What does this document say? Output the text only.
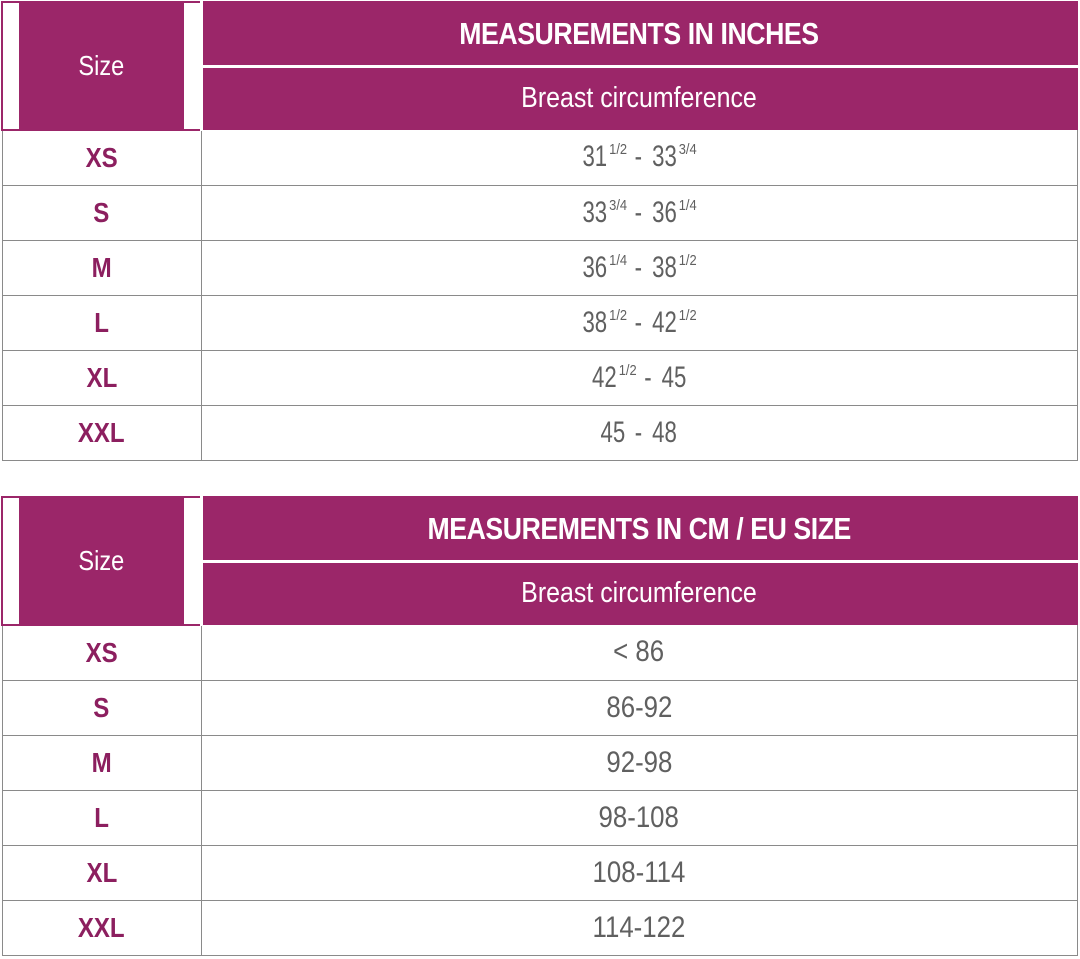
Size	MEASUREMENTS IN INCHES
	Breast circumference
XS	31 $^{1/2}$ - 33 $^{3/4}$
S	33 $^{3/4}$ - 36 $^{1/4}$
M	36 $^{1/4}$ - 38 $^{1/2}$
L	38 $^{1/2}$ - 42 $^{1/2}$
XL	42 $^{1/2}$ - 45
XXL	45 - 48
Size	MEASUREMENTS IN CM / EU SIZE
	Breast circumference
XS	< 86
S	86-92
M	92-98
L	98-108
XL	108-114
XXL	114-122
